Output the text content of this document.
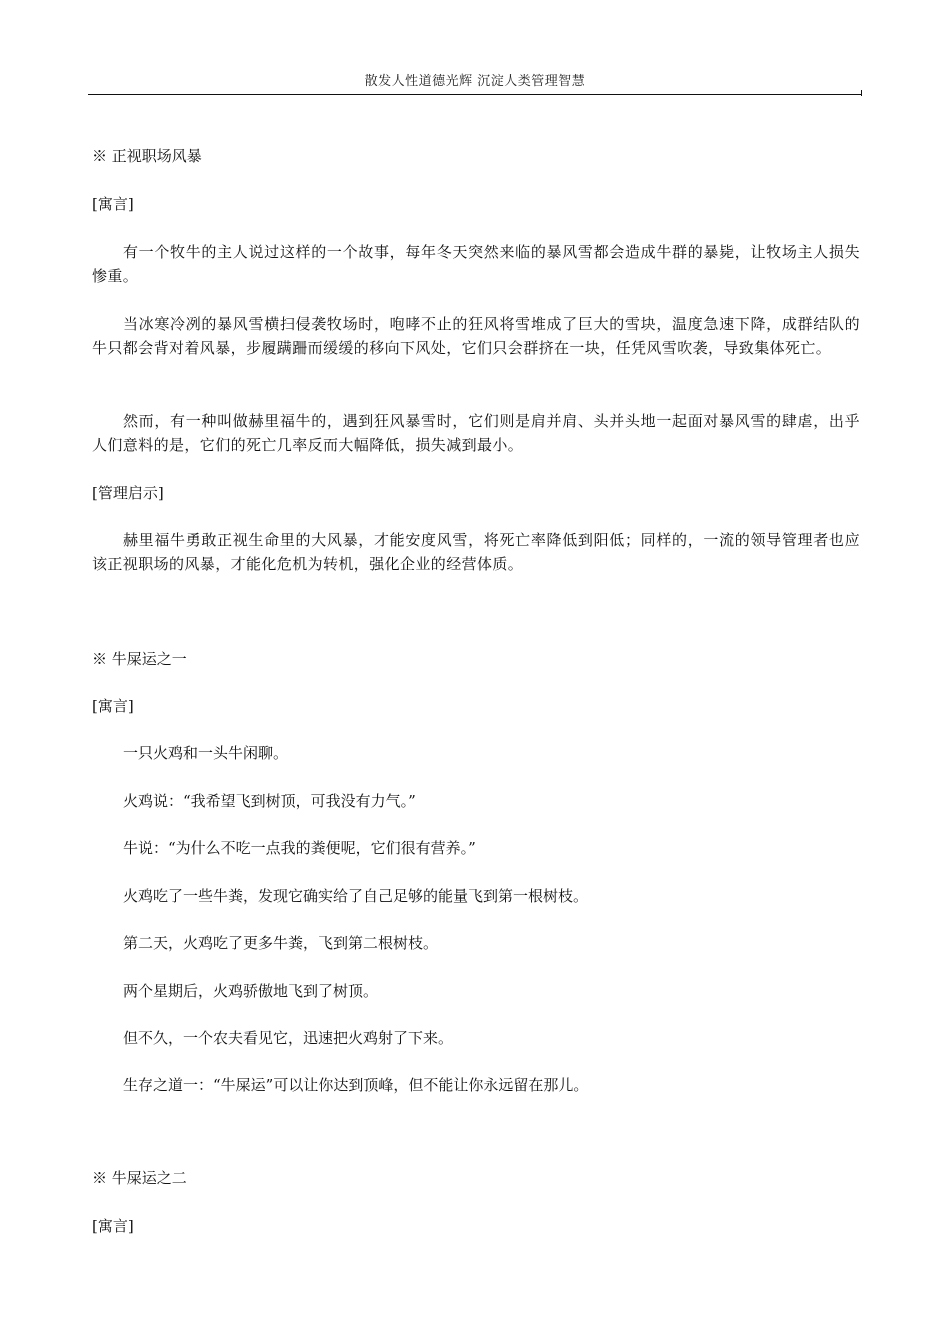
散发人性道德光辉 沉淀人类管理智慧
※ 正视职场风暴
[寓言]
有一个牧牛的主人说过这样的一个故事，每年冬天突然来临的暴风雪都会造成牛群的暴毙，让牧场主人损失惨重。
当冰寒冷冽的暴风雪横扫侵袭牧场时，咆哮不止的狂风将雪堆成了巨大的雪块，温度急速下降，成群结队的牛只都会背对着风暴，步履蹒跚而缓缓的移向下风处，它们只会群挤在一块，任凭风雪吹袭，导致集体死亡。
然而，有一种叫做赫里福牛的，遇到狂风暴雪时，它们则是肩并肩、头并头地一起面对暴风雪的肆虐，出乎人们意料的是，它们的死亡几率反而大幅降低，损失减到最小。
[管理启示]
赫里福牛勇敢正视生命里的大风暴，才能安度风雪，将死亡率降低到阳低；同样的，一流的领导管理者也应该正视职场的风暴，才能化危机为转机，强化企业的经营体质。
※ 牛屎运之一
[寓言]
一只火鸡和一头牛闲聊。
火鸡说：“我希望飞到树顶，可我没有力气。”
牛说：“为什么不吃一点我的粪便呢，它们很有营养。”
火鸡吃了一些牛粪，发现它确实给了自己足够的能量飞到第一根树枝。
第二天，火鸡吃了更多牛粪，飞到第二根树枝。
两个星期后，火鸡骄傲地飞到了树顶。
但不久，一个农夫看见它，迅速把火鸡射了下来。
生存之道一：“牛屎运”可以让你达到顶峰，但不能让你永远留在那儿。
※ 牛屎运之二
[寓言]
